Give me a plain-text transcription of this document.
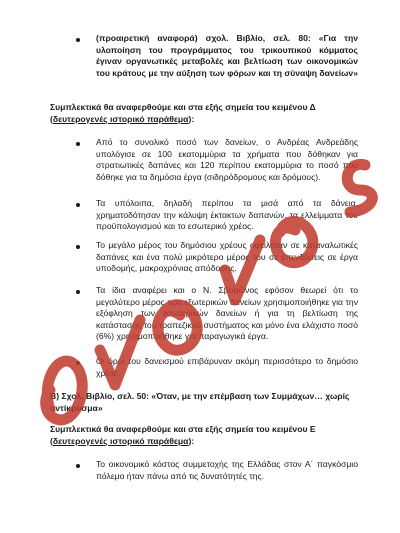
(προαιρετική αναφορά) σχολ. Βιβλίο, σελ. 80: «Για την υλοποίηση του προγράμματος του τρικουπικού κόμματος έγιναν οργανωτικές μεταβολές και βελτίωση των οικονομικών του κράτους με την αύξηση των φόρων και τη σύναψη δανείων»
Συμπλεκτικά θα αναφερθούμε και στα εξής σημεία του κειμένου Δ (δευτερογενές ιστορικό παράθεμα):
Από το συνολικό ποσό των δανείων, ο Ανδρέας Ανδρεάδης υπολόγισε σε 100 εκατομμύρια τα χρήματα που δόθηκαν για στρατιωτικές δαπάνες και 120 περίπου εκατομμύρια το ποσό που δόθηκε για τα δημόσια έργα (σιδηρόδρομους και δρόμους).
Τα υπόλοιπα, δηλαδή περίπου τα μισά από τα δάνεια, χρηματοδότησαν την κάλυψη έκτακτων δαπανών, τα ελλείμματα του προϋπολογισμού και το εσωτερικό χρέος.
Το μεγάλο μέρος του δημόσιου χρέους οφειλόταν σε καταναλωτικές δαπάνες και ένα πολύ μικρότερο μέρος του σε επενδύσεις σε έργα υποδομής, μακροχρόνιας απόδοσης.
Τα ίδια αναφέρει και ο Ν. Σβορώνος εφόσον θεωρεί ότι το μεγαλύτερο μέρος των εξωτερικών δανείων χρησιμοποιήθηκε για την εξόφληση των εσωτερικών δανείων ή για τη βελτίωση της κατάστασης του τραπεζικού συστήματος και μόνο ένα ελάχιστο ποσό (6%) χρησιμοποιήθηκε για παραγωγικά έργα.
Οι όροι του δανεισμού επιβάρυναν ακόμη περισσότερο το δημόσιο χρέος.
Β) Σχολ. Βιβλίο, σελ. 50: «Όταν, με την επέμβαση των Συμμάχων… χωρίς αντίκρυσμα»
Συμπλεκτικά θα αναφερθούμε και στα εξής σημεία του κειμένου Ε (δευτερογενές ιστορικό παράθεμα):
Το οικονομικό κόστος συμμετοχής της Ελλάδας στον Α΄ παγκόσμιο πόλεμο ήταν πάνω από τις δυνατότητές της.
